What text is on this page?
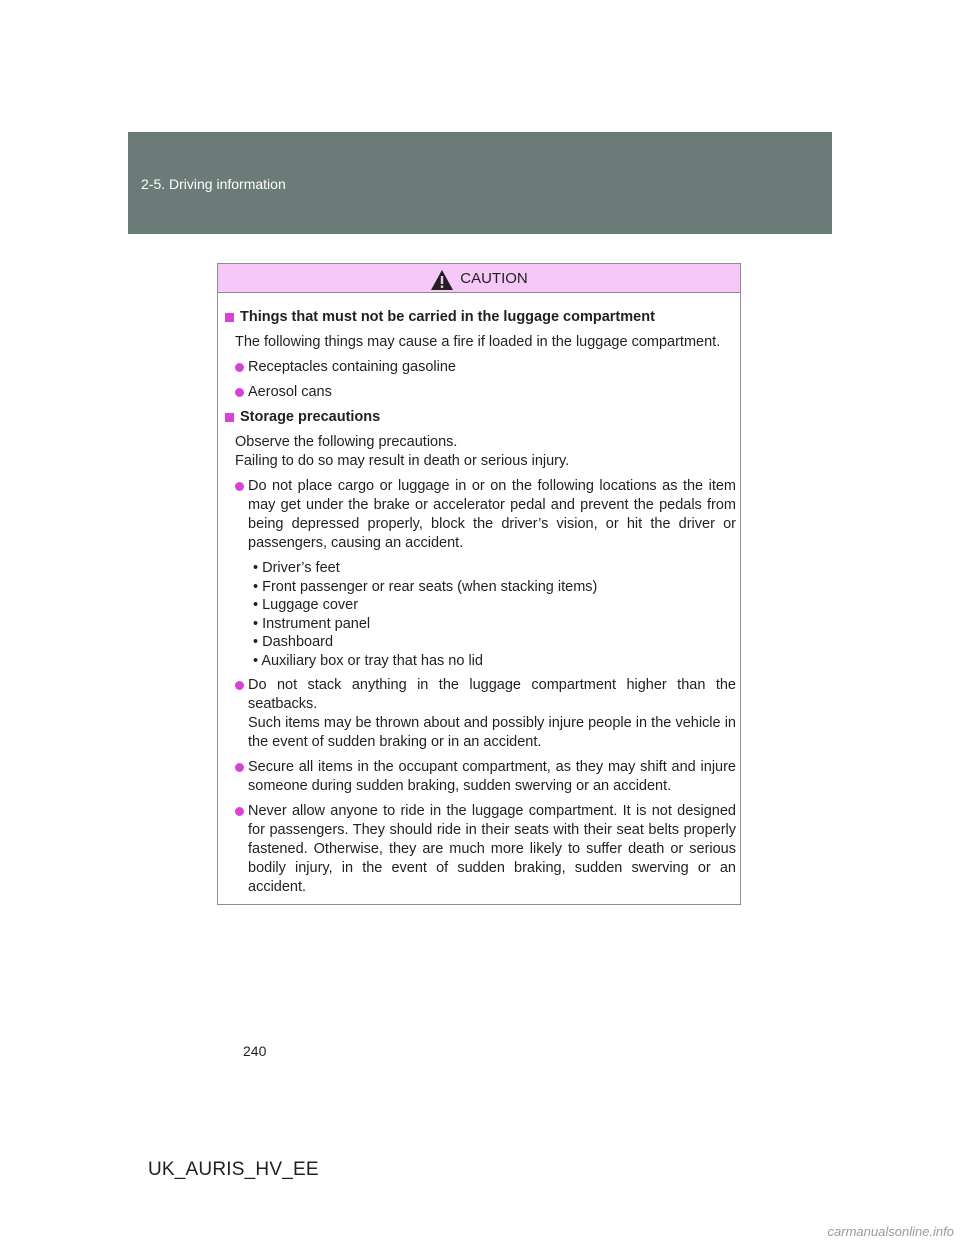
2-5. Driving information
CAUTION
Things that must not be carried in the luggage compartment
The following things may cause a fire if loaded in the luggage compartment.
Receptacles containing gasoline
Aerosol cans
Storage precautions
Observe the following precautions.
Failing to do so may result in death or serious injury.
Do not place cargo or luggage in or on the following locations as the item may get under the brake or accelerator pedal and prevent the pedals from being depressed properly, block the driver’s vision, or hit the driver or passengers, causing an accident.
• Driver’s feet
• Front passenger or rear seats (when stacking items)
• Luggage cover
• Instrument panel
• Dashboard
• Auxiliary box or tray that has no lid
Do not stack anything in the luggage compartment higher than the seatbacks.
Such items may be thrown about and possibly injure people in the vehicle in the event of sudden braking or in an accident.
Secure all items in the occupant compartment, as they may shift and injure someone during sudden braking, sudden swerving or an accident.
Never allow anyone to ride in the luggage compartment. It is not designed for passengers. They should ride in their seats with their seat belts properly fastened. Otherwise, they are much more likely to suffer death or serious bodily injury, in the event of sudden braking, sudden swerving or an accident.
240
UK_AURIS_HV_EE
carmanualsonline.info
